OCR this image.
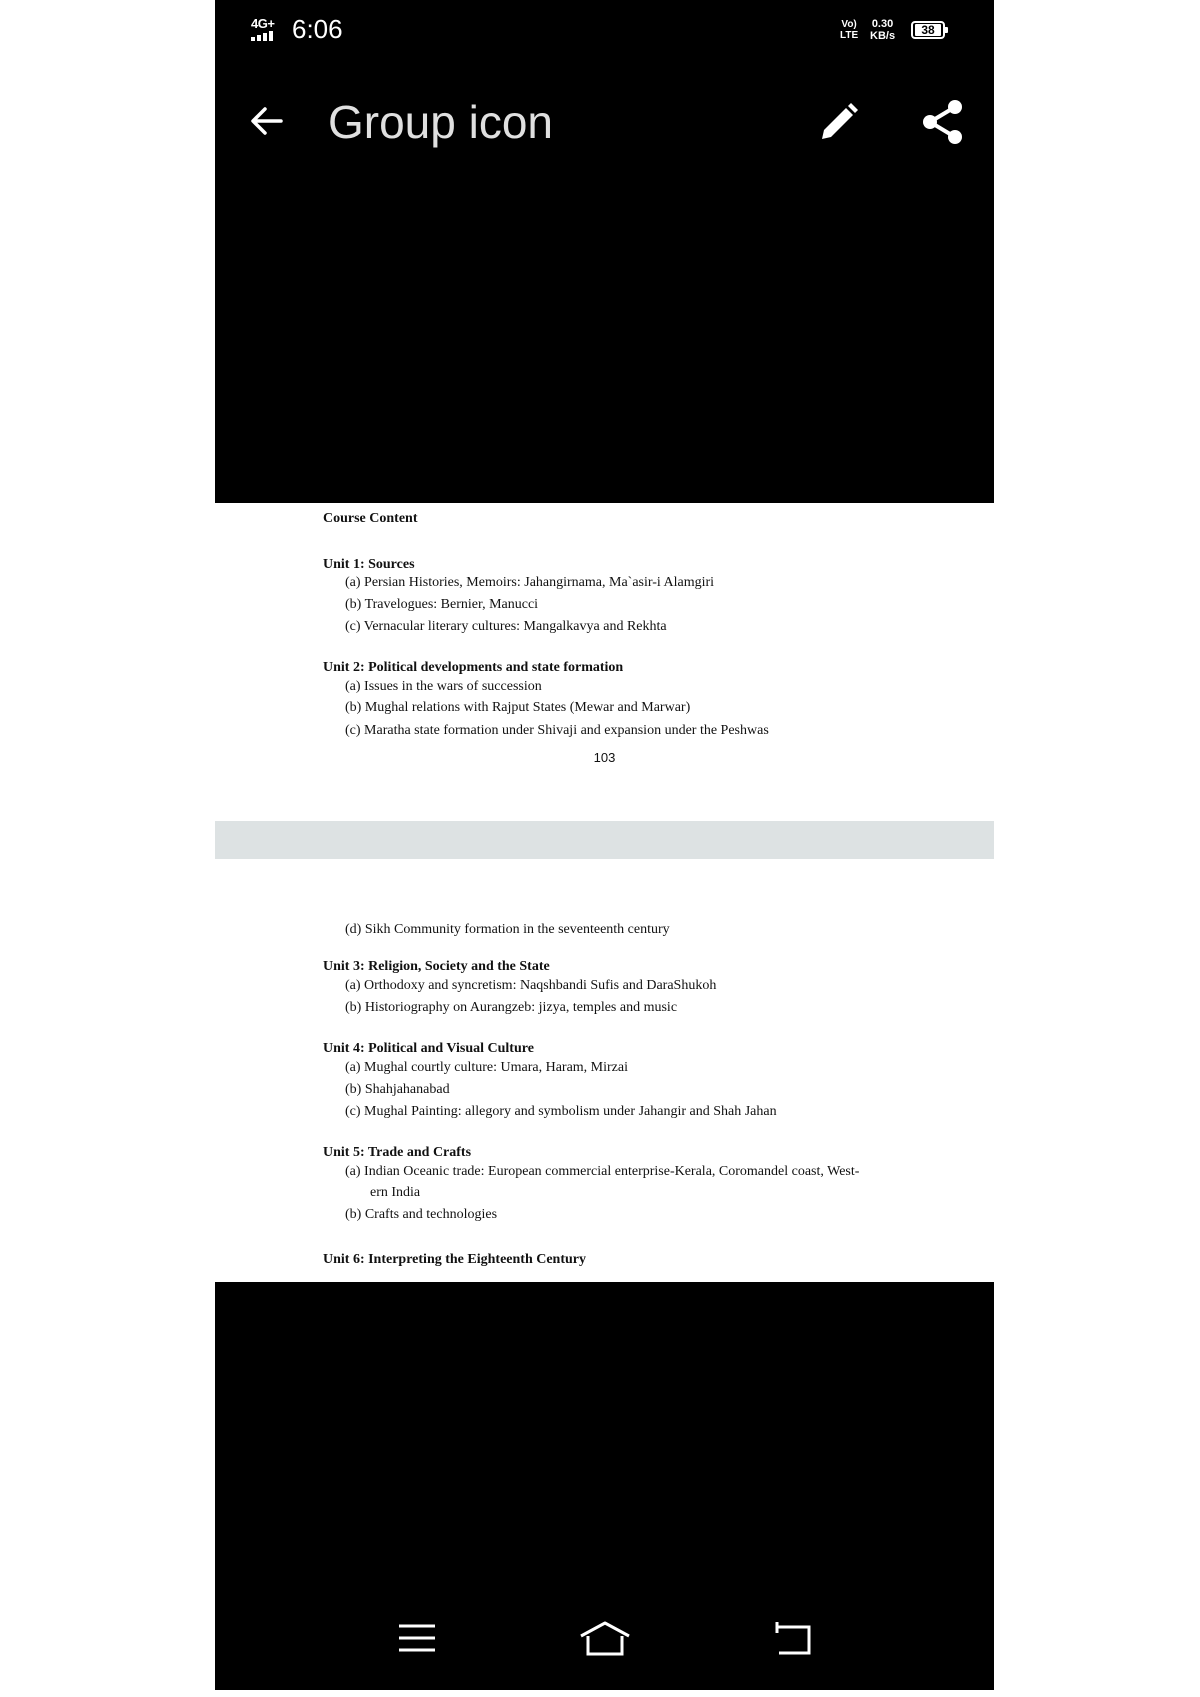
4G+ 6:06	Vo)
LTE
0.30
KB/s	38
Group icon
Course Content
Unit 1: Sources
(a) Persian Histories, Memoirs: Jahangirnama, Ma`asir-i Alamgiri
(b) Travelogues: Bernier, Manucci
(c) Vernacular literary cultures: Mangalkavya and Rekhta
Unit 2: Political developments and state formation
(a) Issues in the wars of succession
(b) Mughal relations with Rajput States (Mewar and Marwar)
(c) Maratha state formation under Shivaji and expansion under the Peshwas
103
(d) Sikh Community formation in the seventeenth century
Unit 3: Religion, Society and the State
(a) Orthodoxy and syncretism: Naqshbandi Sufis and DaraShukoh
(b) Historiography on Aurangzeb: jizya, temples and music
Unit 4: Political and Visual Culture
(a) Mughal courtly culture: Umara, Haram, Mirzai
(b) Shahjahanabad
(c) Mughal Painting: allegory and symbolism under Jahangir and Shah Jahan
Unit 5: Trade and Crafts
(a) Indian Oceanic trade: European commercial enterprise-Kerala, Coromandel coast, West-
ern India
(b) Crafts and technologies
Unit 6: Interpreting the Eighteenth Century
